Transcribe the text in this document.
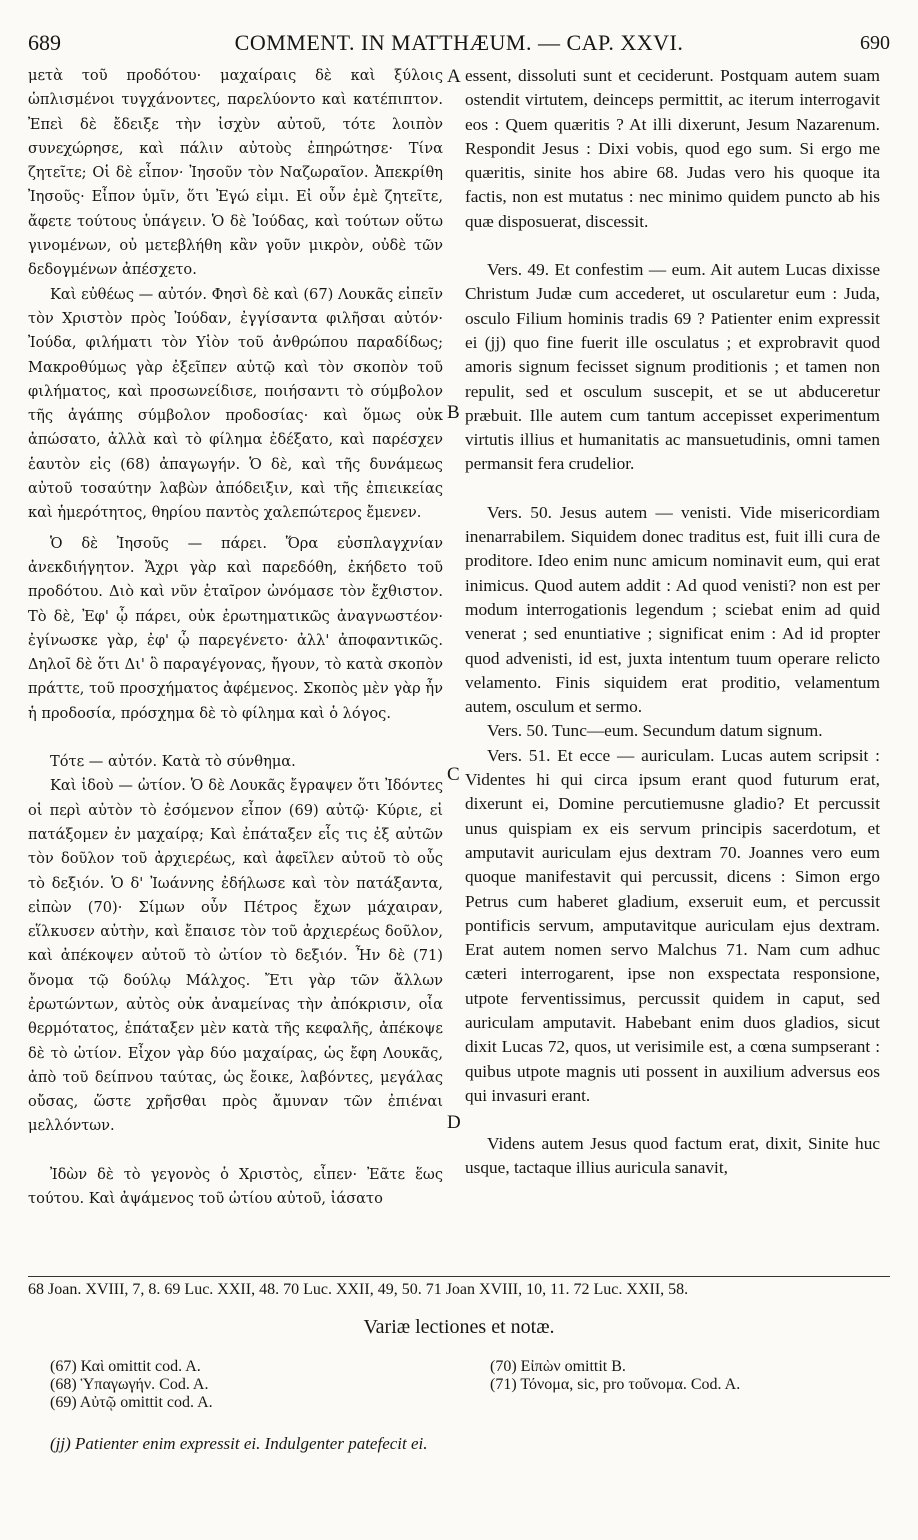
689	COMMENT. IN MATTHÆUM. — CAP. XXVI.	690

μετὰ τοῦ προδότου· μαχαίραις δὲ καὶ ξύλοις ὡπλισμένοι τυγχάνοντες, παρελύοντο καὶ κατέπιπτον. Ἐπεὶ δὲ ἔδειξε τὴν ἰσχὺν αὐτοῦ, τότε λοιπὸν συνεχώρησε, καὶ πάλιν αὐτοὺς ἐπηρώτησε· Τίνα ζητεῖτε; Οἱ δὲ εἶπον· Ἰησοῦν τὸν Ναζωραῖον. Ἀπεκρίθη Ἰησοῦς· Εἶπον ὑμῖν, ὅτι Ἐγώ εἰμι. Εἰ οὖν ἐμὲ ζητεῖτε, ἄφετε τούτους ὑπάγειν. Ὁ δὲ Ἰούδας, καὶ τούτων οὕτω γινομένων, οὐ μετεβλήθη κἂν γοῦν μικρὸν, οὐδὲ τῶν δεδογμένων ἀπέσχετο.

Καὶ εὐθέως — αὐτόν. Φησὶ δὲ καὶ (67) Λουκᾶς εἰπεῖν τὸν Χριστὸν πρὸς Ἰούδαν, ἐγγίσαντα φιλῆσαι αὐτόν· Ἰούδα, φιλήματι τὸν Υἱὸν τοῦ ἀνθρώπου παραδίδως; Μακροθύμως γὰρ ἐξεῖπεν αὐτῷ καὶ τὸν σκοπὸν τοῦ φιλήματος, καὶ προσωνείδισε, ποιήσαντι τὸ σύμβολον τῆς ἀγάπης σύμβολον προδοσίας· καὶ ὅμως οὐκ ἀπώσατο, ἀλλὰ καὶ τὸ φίλημα ἐδέξατο, καὶ παρέσχεν ἑαυτὸν εἰς (68) ἀπαγωγήν. Ὁ δὲ, καὶ τῆς δυνάμεως αὐτοῦ τοσαύτην λαβὼν ἀπόδειξιν, καὶ τῆς ἐπιεικείας καὶ ἡμερότητος, θηρίου παντὸς χαλεπώτερος ἔμενεν.

Ὁ δὲ Ἰησοῦς — πάρει. Ὅρα εὐσπλαγχνίαν ἀνεκδιήγητον. Ἄχρι γὰρ καὶ παρεδόθη, ἐκήδετο τοῦ προδότου. Διὸ καὶ νῦν ἑταῖρον ὠνόμασε τὸν ἔχθιστον. Τὸ δὲ, Ἐφ' ᾧ πάρει, οὐκ ἐρωτηματικῶς ἀναγνωστέον· ἐγίνωσκε γὰρ, ἐφ' ᾧ παρεγένετο· ἀλλ' ἀποφαντικῶς. Δηλοῖ δὲ ὅτι Δι' ὃ παραγέγονας, ἤγουν, τὸ κατὰ σκοπὸν πράττε, τοῦ προσχήματος ἀφέμενος. Σκοπὸς μὲν γὰρ ἦν ἡ προδοσία, πρόσχημα δὲ τὸ φίλημα καὶ ὁ λόγος.

Τότε — αὐτόν. Κατὰ τὸ σύνθημα.

Καὶ ἰδοὺ — ὠτίον. Ὁ δὲ Λουκᾶς ἔγραψεν ὅτι Ἰδόντες οἱ περὶ αὐτὸν τὸ ἐσόμενον εἶπον (69) αὐτῷ· Κύριε, εἰ πατάξομεν ἐν μαχαίρᾳ; Καὶ ἐπάταξεν εἷς τις ἐξ αὐτῶν τὸν δοῦλον τοῦ ἀρχιερέως, καὶ ἀφεῖλεν αὐτοῦ τὸ οὖς τὸ δεξιόν. Ὁ δ' Ἰωάννης ἐδήλωσε καὶ τὸν πατάξαντα, εἰπὼν (70)· Σίμων οὖν Πέτρος ἔχων μάχαιραν, εἵλκυσεν αὐτὴν, καὶ ἔπαισε τὸν τοῦ ἀρχιερέως δοῦλον, καὶ ἀπέκοψεν αὐτοῦ τὸ ὠτίον τὸ δεξιόν. Ἦν δὲ (71) ὄνομα τῷ δούλῳ Μάλχος. Ἔτι γὰρ τῶν ἄλλων ἐρωτώντων, αὐτὸς οὐκ ἀναμείνας τὴν ἀπόκρισιν, οἷα θερμότατος, ἐπάταξεν μὲν κατὰ τῆς κεφαλῆς, ἀπέκοψε δὲ τὸ ὠτίον. Εἶχον γὰρ δύο μαχαίρας, ὡς ἔφη Λουκᾶς, ἀπὸ τοῦ δείπνου ταύτας, ὡς ἔοικε, λαβόντες, μεγάλας οὔσας, ὥστε χρῆσθαι πρὸς ἄμυναν τῶν ἐπιέναι μελλόντων.

Ἰδὼν δὲ τὸ γεγονὸς ὁ Χριστὸς, εἶπεν· Ἐᾶτε ἕως τούτου. Καὶ ἀψάμενος τοῦ ὠτίου αὐτοῦ, ἰάσατο

A
B
C
D

essent, dissoluti sunt et ceciderunt. Postquam autem suam ostendit virtutem, deinceps permittit, ac iterum interrogavit eos : Quem quæritis ? At illi dixerunt, Jesum Nazarenum. Respondit Jesus : Dixi vobis, quod ego sum. Si ergo me quæritis, sinite hos abire 68. Judas vero his quoque ita factis, non est mutatus : nec minimo quidem puncto ab his quæ disposuerat, discessit.

Vers. 49. Et confestim — eum. Ait autem Lucas dixisse Christum Judæ cum accederet, ut oscularetur eum : Juda, osculo Filium hominis tradis 69 ? Patienter enim expressit ei (jj) quo fine fuerit ille osculatus ; et exprobravit quod amoris signum fecisset signum proditionis ; et tamen non repulit, sed et osculum suscepit, et se ut abduceretur præbuit. Ille autem cum tantum accepisset experimentum virtutis illius et humanitatis ac mansuetudinis, omni tamen permansit fera crudelior.

Vers. 50. Jesus autem — venisti. Vide misericordiam inenarrabilem. Siquidem donec traditus est, fuit illi cura de proditore. Ideo enim nunc amicum nominavit eum, qui erat inimicus. Quod autem addit : Ad quod venisti? non est per modum interrogationis legendum ; sciebat enim ad quid venerat ; sed enuntiative ; significat enim : Ad id propter quod advenisti, id est, juxta intentum tuum operare relicto velamento. Finis siquidem erat proditio, velamentum autem, osculum et sermo.

Vers. 50. Tunc—eum. Secundum datum signum.

Vers. 51. Et ecce — auriculam. Lucas autem scripsit : Videntes hi qui circa ipsum erant quod futurum erat, dixerunt ei, Domine percutiemusne gladio? Et percussit unus quispiam ex eis servum principis sacerdotum, et amputavit auriculam ejus dextram 70. Joannes vero eum quoque manifestavit qui percussit, dicens : Simon ergo Petrus cum haberet gladium, exseruit eum, et percussit pontificis servum, amputavitque auriculam ejus dextram. Erat autem nomen servo Malchus 71. Nam cum adhuc cæteri interrogarent, ipse non exspectata responsione, utpote ferventissimus, percussit quidem in caput, sed auriculam amputavit. Habebant enim duos gladios, sicut dixit Lucas 72, quos, ut verisimile est, a cœna sumpserant : quibus utpote magnis uti possent in auxilium adversus eos qui invasuri erant.

Videns autem Jesus quod factum erat, dixit, Sinite huc usque, tactaque illius auricula sanavit,

68 Joan. XVIII, 7, 8. 69 Luc. XXII, 48. 70 Luc. XXII, 49, 50. 71 Joan XVIII, 10, 11. 72 Luc. XXII, 58.
Variæ lectiones et notæ.
(67) Καὶ omittit cod. A.
(68) Ὑπαγωγήν. Cod. A.
(69) Αὐτῷ omittit cod. A.
(70) Εἰπὼν omittit B.
(71) Τόνομα, sic, pro τοὔνομα. Cod. A.
(jj) Patienter enim expressit ei. Indulgenter patefecit ei.
